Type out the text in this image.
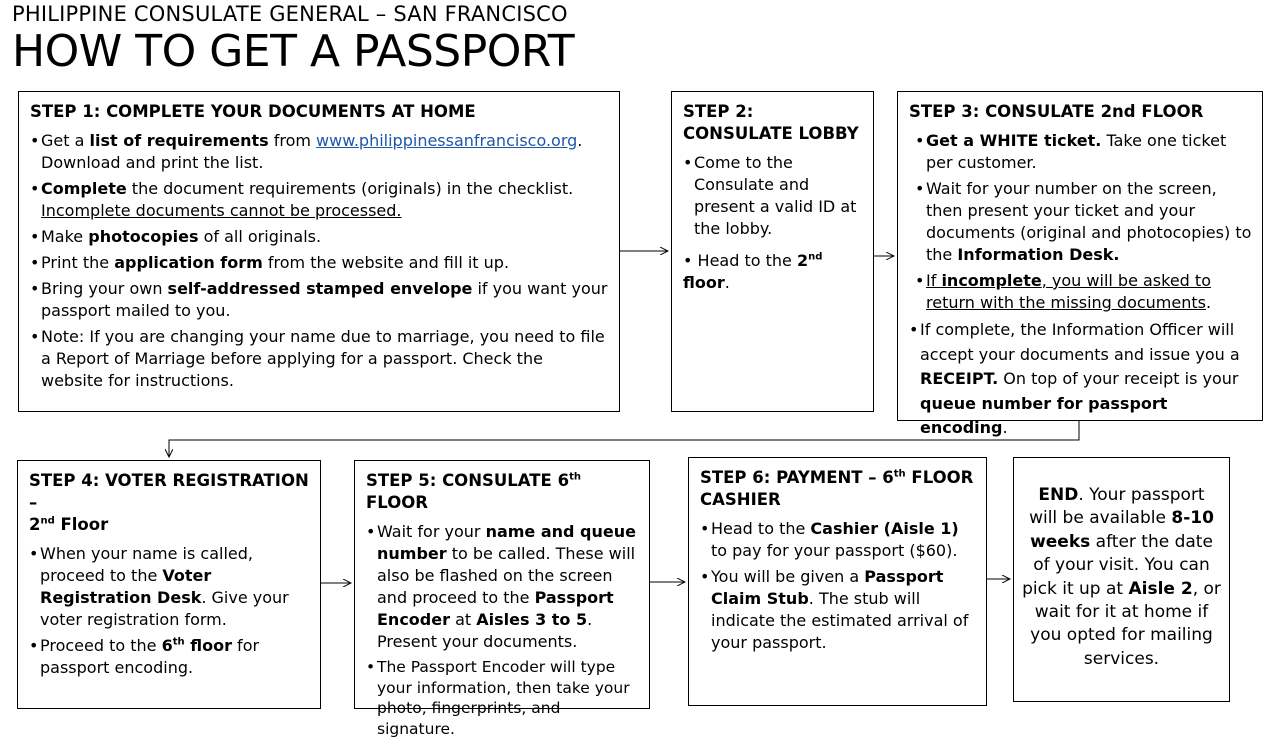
PHILIPPINE CONSULATE GENERAL – SAN FRANCISCO
HOW TO GET A PASSPORT
STEP 1: COMPLETE YOUR DOCUMENTS AT HOME
• Get a list of requirements from www.philippinessanfrancisco.org. Download and print the list.
• Complete the document requirements (originals) in the checklist. Incomplete documents cannot be processed.
• Make photocopies of all originals.
• Print the application form from the website and fill it up.
• Bring your own self-addressed stamped envelope if you want your passport mailed to you.
• Note: If you are changing your name due to marriage, you need to file a Report of Marriage before applying for a passport. Check the website for instructions.
STEP 2: CONSULATE LOBBY
• Come to the Consulate and present a valid ID at the lobby.
• Head to the 2nd floor.
STEP 3: CONSULATE 2nd FLOOR
• Get a WHITE ticket. Take one ticket per customer.
• Wait for your number on the screen, then present your ticket and your documents (original and photocopies) to the Information Desk.
• If incomplete, you will be asked to return with the missing documents.
• If complete, the Information Officer will accept your documents and issue you a RECEIPT. On top of your receipt is your queue number for passport encoding.
STEP 4: VOTER REGISTRATION –
2nd Floor
• When your name is called, proceed to the Voter Registration Desk. Give your voter registration form.
• Proceed to the 6th floor for passport encoding.
STEP 5: CONSULATE 6th FLOOR
• Wait for your name and queue number to be called. These will also be flashed on the screen and proceed to the Passport Encoder at Aisles 3 to 5. Present your documents.
• The Passport Encoder will type your information, then take your photo, fingerprints, and signature.
STEP 6: PAYMENT – 6th FLOOR CASHIER
• Head to the Cashier (Aisle 1) to pay for your passport ($60).
• You will be given a Passport Claim Stub. The stub will indicate the estimated arrival of your passport.
END. Your passport will be available 8-10 weeks after the date of your visit. You can pick it up at Aisle 2, or wait for it at home if you opted for mailing services.
